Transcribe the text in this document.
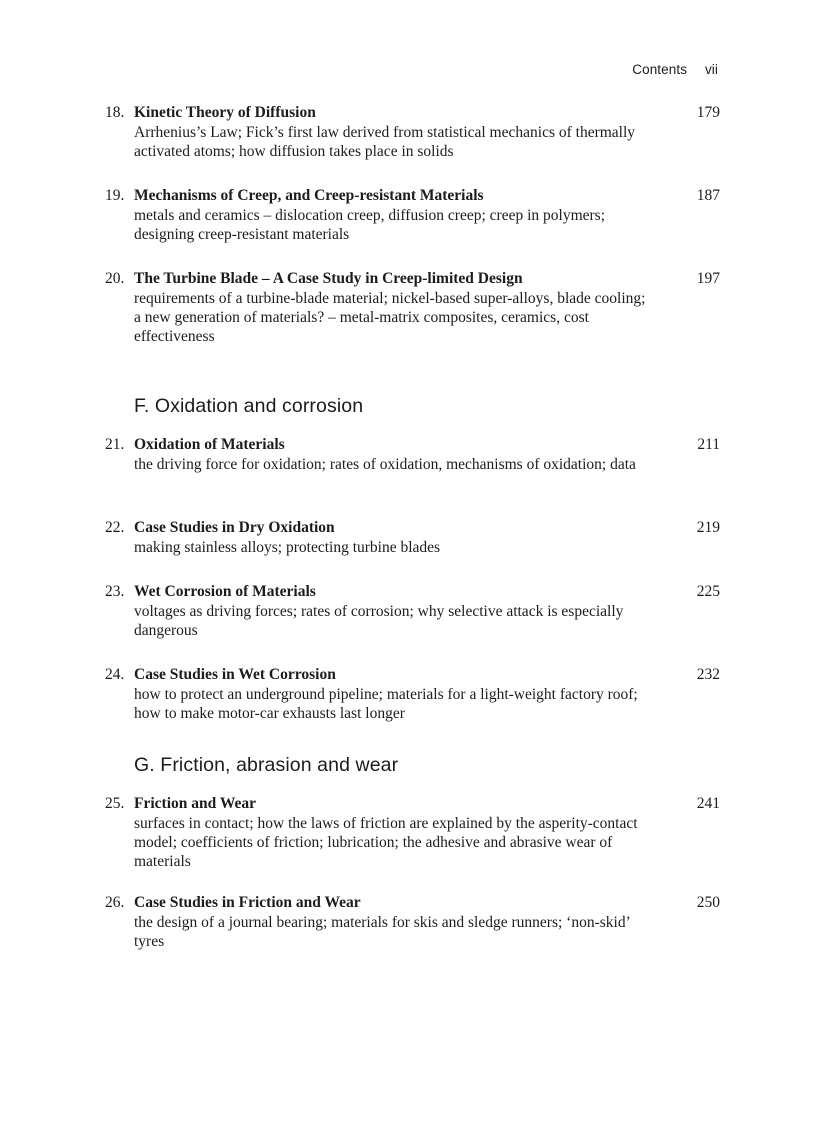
Contents vii
18. Kinetic Theory of Diffusion	179
Arrhenius’s Law; Fick’s first law derived from statistical mechanics of thermally activated atoms; how diffusion takes place in solids
19. Mechanisms of Creep, and Creep-resistant Materials	187
metals and ceramics – dislocation creep, diffusion creep; creep in polymers; designing creep-resistant materials
20. The Turbine Blade – A Case Study in Creep-limited Design	197
requirements of a turbine-blade material; nickel-based super-alloys, blade cooling; a new generation of materials? – metal-matrix composites, ceramics, cost effectiveness
F. Oxidation and corrosion
21. Oxidation of Materials	211
the driving force for oxidation; rates of oxidation, mechanisms of oxidation; data
22. Case Studies in Dry Oxidation	219
making stainless alloys; protecting turbine blades
23. Wet Corrosion of Materials	225
voltages as driving forces; rates of corrosion; why selective attack is especially dangerous
24. Case Studies in Wet Corrosion	232
how to protect an underground pipeline; materials for a light-weight factory roof; how to make motor-car exhausts last longer
G. Friction, abrasion and wear
25. Friction and Wear	241
surfaces in contact; how the laws of friction are explained by the asperity-contact model; coefficients of friction; lubrication; the adhesive and abrasive wear of materials
26. Case Studies in Friction and Wear	250
the design of a journal bearing; materials for skis and sledge runners; ‘non-skid’ tyres
